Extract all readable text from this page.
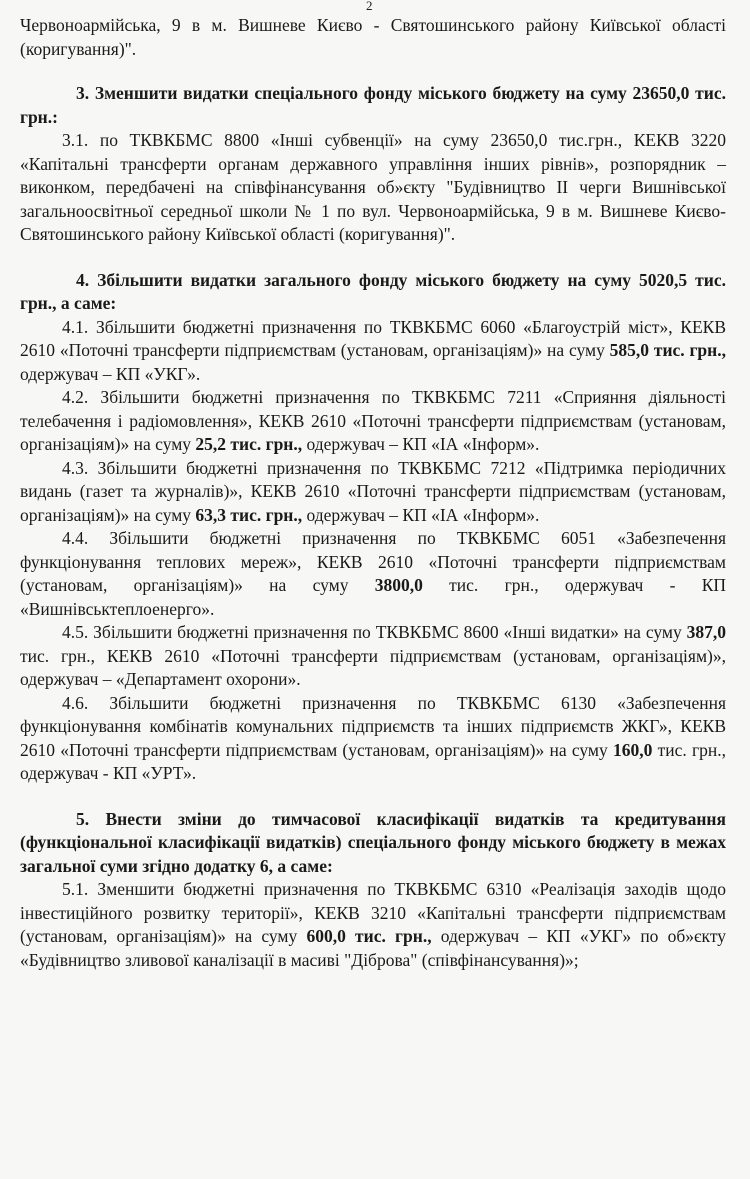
2

Червоноармійська, 9 в м. Вишневе Києво - Святошинського району Київської області (коригування)".

3. Зменшити видатки спеціального фонду міського бюджету на суму 23650,0 тис. грн.:

3.1. по ТКВКБМС 8800 «Інші субвенції» на суму 23650,0 тис.грн., КЕКВ 3220 «Капітальні трансферти органам державного управління інших рівнів», розпорядник – виконком, передбачені на співфінансування об»єкту "Будівництво ІІ черги Вишнівської загальноосвітньої середньої школи № 1 по вул. Червоноармійська, 9 в м. Вишневе Києво-Святошинського району Київської області (коригування)".

4. Збільшити видатки загального фонду міського бюджету на суму 5020,5 тис. грн., а саме:

4.1. Збільшити бюджетні призначення по ТКВКБМС 6060 «Благоустрій міст», КЕКВ 2610 «Поточні трансферти підприємствам (установам, організаціям)» на суму 585,0 тис. грн., одержувач – КП «УКГ».

4.2. Збільшити бюджетні призначення по ТКВКБМС 7211 «Сприяння діяльності телебачення і радіомовлення», КЕКВ 2610 «Поточні трансферти підприємствам (установам, організаціям)» на суму 25,2 тис. грн., одержувач – КП «ІА «Інформ».

4.3. Збільшити бюджетні призначення по ТКВКБМС 7212 «Підтримка періодичних видань (газет та журналів)», КЕКВ 2610 «Поточні трансферти підприємствам (установам, організаціям)» на суму 63,3 тис. грн., одержувач – КП «ІА «Інформ».

4.4. Збільшити бюджетні призначення по ТКВКБМС 6051 «Забезпечення функціонування теплових мереж», КЕКВ 2610 «Поточні трансферти підприємствам (установам, організаціям)» на суму 3800,0 тис. грн., одержувач - КП «Вишнівськтеплоенерго».

4.5. Збільшити бюджетні призначення по ТКВКБМС 8600 «Інші видатки» на суму 387,0 тис. грн., КЕКВ 2610 «Поточні трансферти підприємствам (установам, організаціям)», одержувач – «Департамент охорони».

4.6. Збільшити бюджетні призначення по ТКВКБМС 6130 «Забезпечення функціонування комбінатів комунальних підприємств та інших підприємств ЖКГ», КЕКВ 2610 «Поточні трансферти підприємствам (установам, організаціям)» на суму 160,0 тис. грн., одержувач - КП «УРТ».

5. Внести зміни до тимчасової класифікації видатків та кредитування (функціональної класифікації видатків) спеціального фонду міського бюджету в межах загальної суми згідно додатку 6, а саме:

5.1. Зменшити бюджетні призначення по ТКВКБМС 6310 «Реалізація заходів щодо інвестиційного розвитку території», КЕКВ 3210 «Капітальні трансферти підприємствам (установам, організаціям)» на суму 600,0 тис. грн., одержувач – КП «УКГ» по об»єкту «Будівництво зливової каналізації в масиві "Діброва" (співфінансування)»;
